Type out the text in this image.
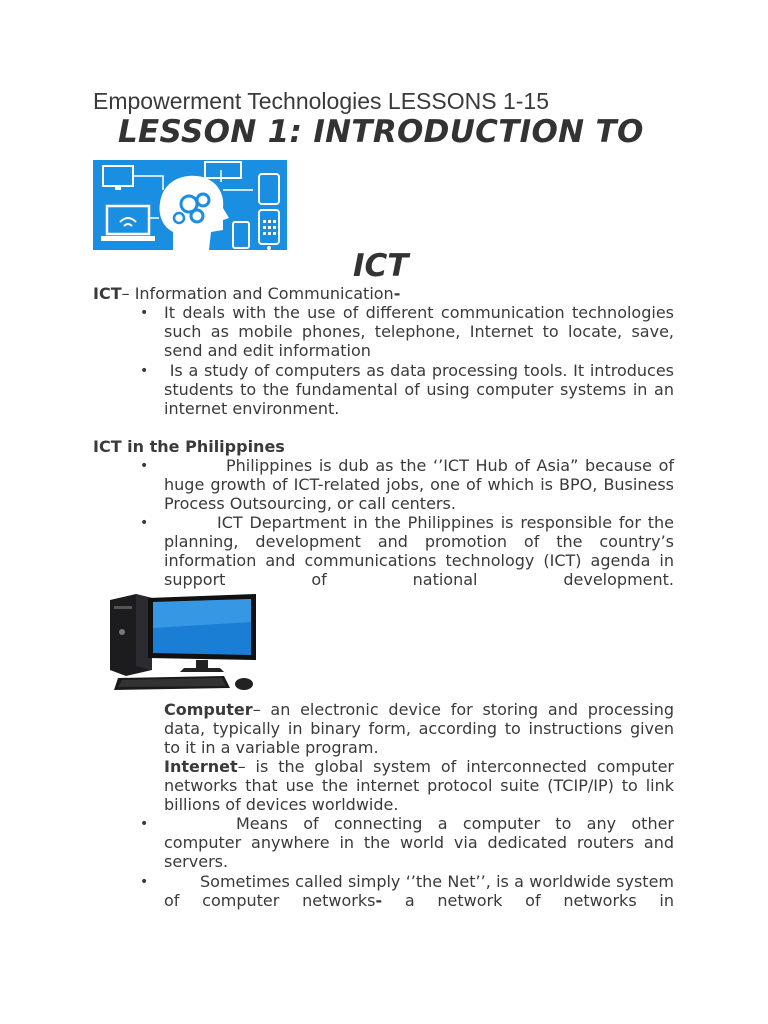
Empowerment Technologies LESSONS 1-15
LESSON 1: INTRODUCTION TO
ICT
ICT– Information and Communication-
• It deals with the use of different communication technologies such as mobile phones, telephone, Internet to locate, save, send and edit information
• Is a study of computers as data processing tools. It introduces students to the fundamental of using computer systems in an internet environment.
ICT in the Philippines
•	Philippines is dub as the ‘’ICT Hub of Asia” because of huge growth of ICT-related jobs, one of which is BPO, Business Process Outsourcing, or call centers.
•	ICT Department in the Philippines is responsible for the planning, development and promotion of the country’s information and communications technology (ICT) agenda in support of national development.
Computer– an electronic device for storing and processing data, typically in binary form, according to instructions given to it in a variable program.
Internet– is the global system of interconnected computer networks that use the internet protocol suite (TCIP/IP) to link billions of devices worldwide.
•	Means of connecting a computer to any other computer anywhere in the world via dedicated routers and servers.
•	Sometimes called simply ‘’the Net’’, is a worldwide system of computer networks- a network of networks in
